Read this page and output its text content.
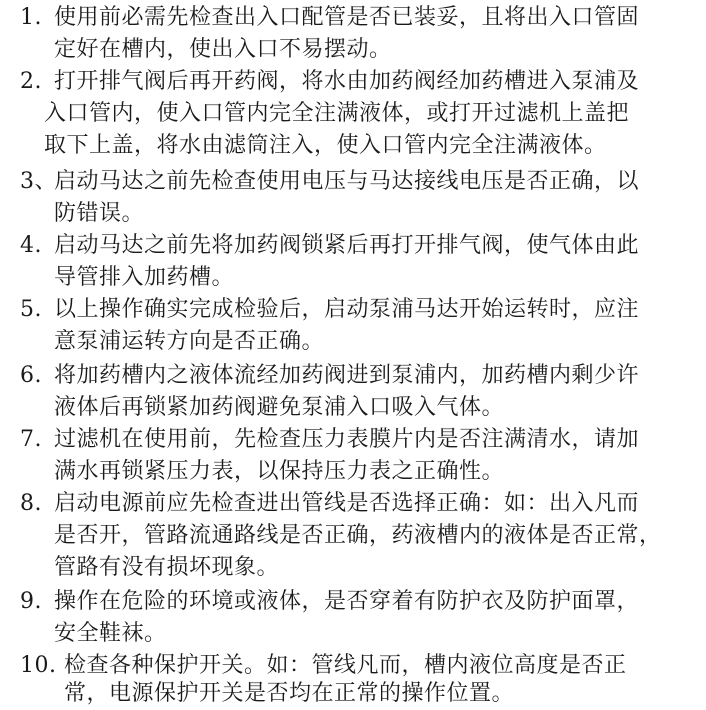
1. 使用前必需先检查出入口配管是否已装妥，且将出入口管固
定好在槽内，使出入口不易摆动。
2. 打开排气阀后再开药阀，将水由加药阀经加药槽进入泵浦及
入口管内，使入口管内完全注满液体，或打开过滤机上盖把
取下上盖，将水由滤筒注入，使入口管内完全注满液体。
3、
启动马达之前先检查使用电压与马达接线电压是否正确，以
防错误。
4. 启动马达之前先将加药阀锁紧后再打开排气阀，使气体由此
导管排入加药槽。
5. 以上操作确实完成检验后，启动泵浦马达开始运转时，应注
意泵浦运转方向是否正确。
6. 将加药槽内之液体流经加药阀进到泵浦内，加药槽内剩少许
液体后再锁紧加药阀避免泵浦入口吸入气体。
7. 过滤机在使用前，先检查压力表膜片内是否注满清水，请加
满水再锁紧压力表，以保持压力表之正确性。
8. 启动电源前应先检查进出管线是否选择正确：如：出入凡而
是否开，管路流通路线是否正确，药液槽内的液体是否正常，
管路有没有损坏现象。
9. 操作在危险的环境或液体，是否穿着有防护衣及防护面罩，
安全鞋袜。
10. 检查各种保护开关。如：管线凡而，槽内液位高度是否正
常，电源保护开关是否均在正常的操作位置。
